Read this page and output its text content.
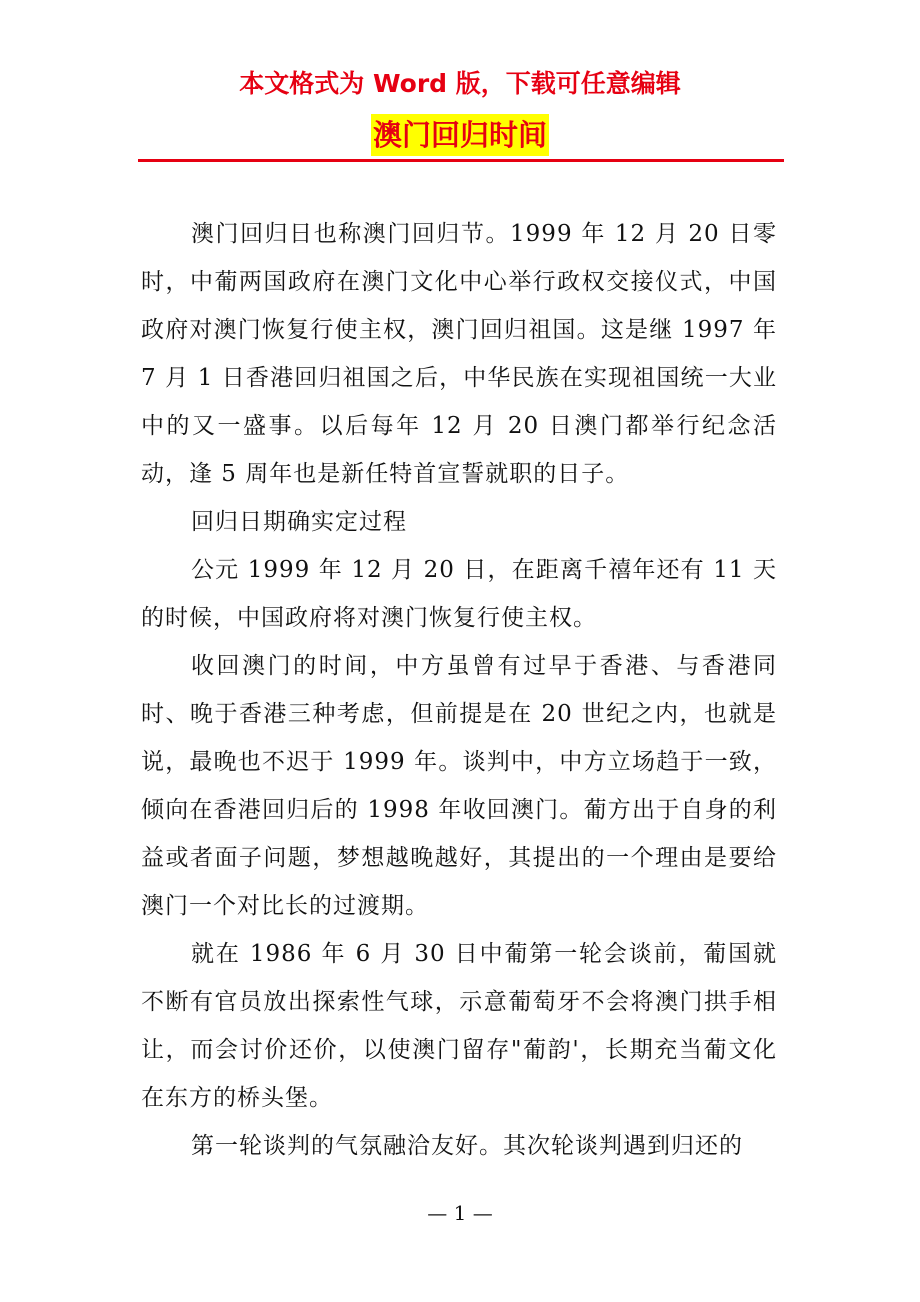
本文格式为 Word 版，下载可任意编辑
澳门回归时间

澳门回归日也称澳门回归节。1999 年 12 月 20 日零时，中葡两国政府在澳门文化中心举行政权交接仪式，中国政府对澳门恢复行使主权，澳门回归祖国。这是继 1997 年 7 月 1 日香港回归祖国之后，中华民族在实现祖国统一大业中的又一盛事。以后每年 12 月 20 日澳门都举行纪念活动，逢 5 周年也是新任特首宣誓就职的日子。

回归日期确实定过程

公元 1999 年 12 月 20 日，在距离千禧年还有 11 天的时候，中国政府将对澳门恢复行使主权。

收回澳门的时间，中方虽曾有过早于香港、与香港同时、晚于香港三种考虑，但前提是在 20 世纪之内，也就是说，最晚也不迟于 1999 年。谈判中，中方立场趋于一致，倾向在香港回归后的 1998 年收回澳门。葡方出于自身的利益或者面子问题，梦想越晚越好，其提出的一个理由是要给澳门一个对比长的过渡期。

就在 1986 年 6 月 30 日中葡第一轮会谈前，葡国就不断有官员放出探索性气球，示意葡萄牙不会将澳门拱手相让，而会讨价还价，以使澳门留存"葡韵'，长期充当葡文化在东方的桥头堡。

第一轮谈判的气氛融洽友好。其次轮谈判遇到归还的

— 1 —
